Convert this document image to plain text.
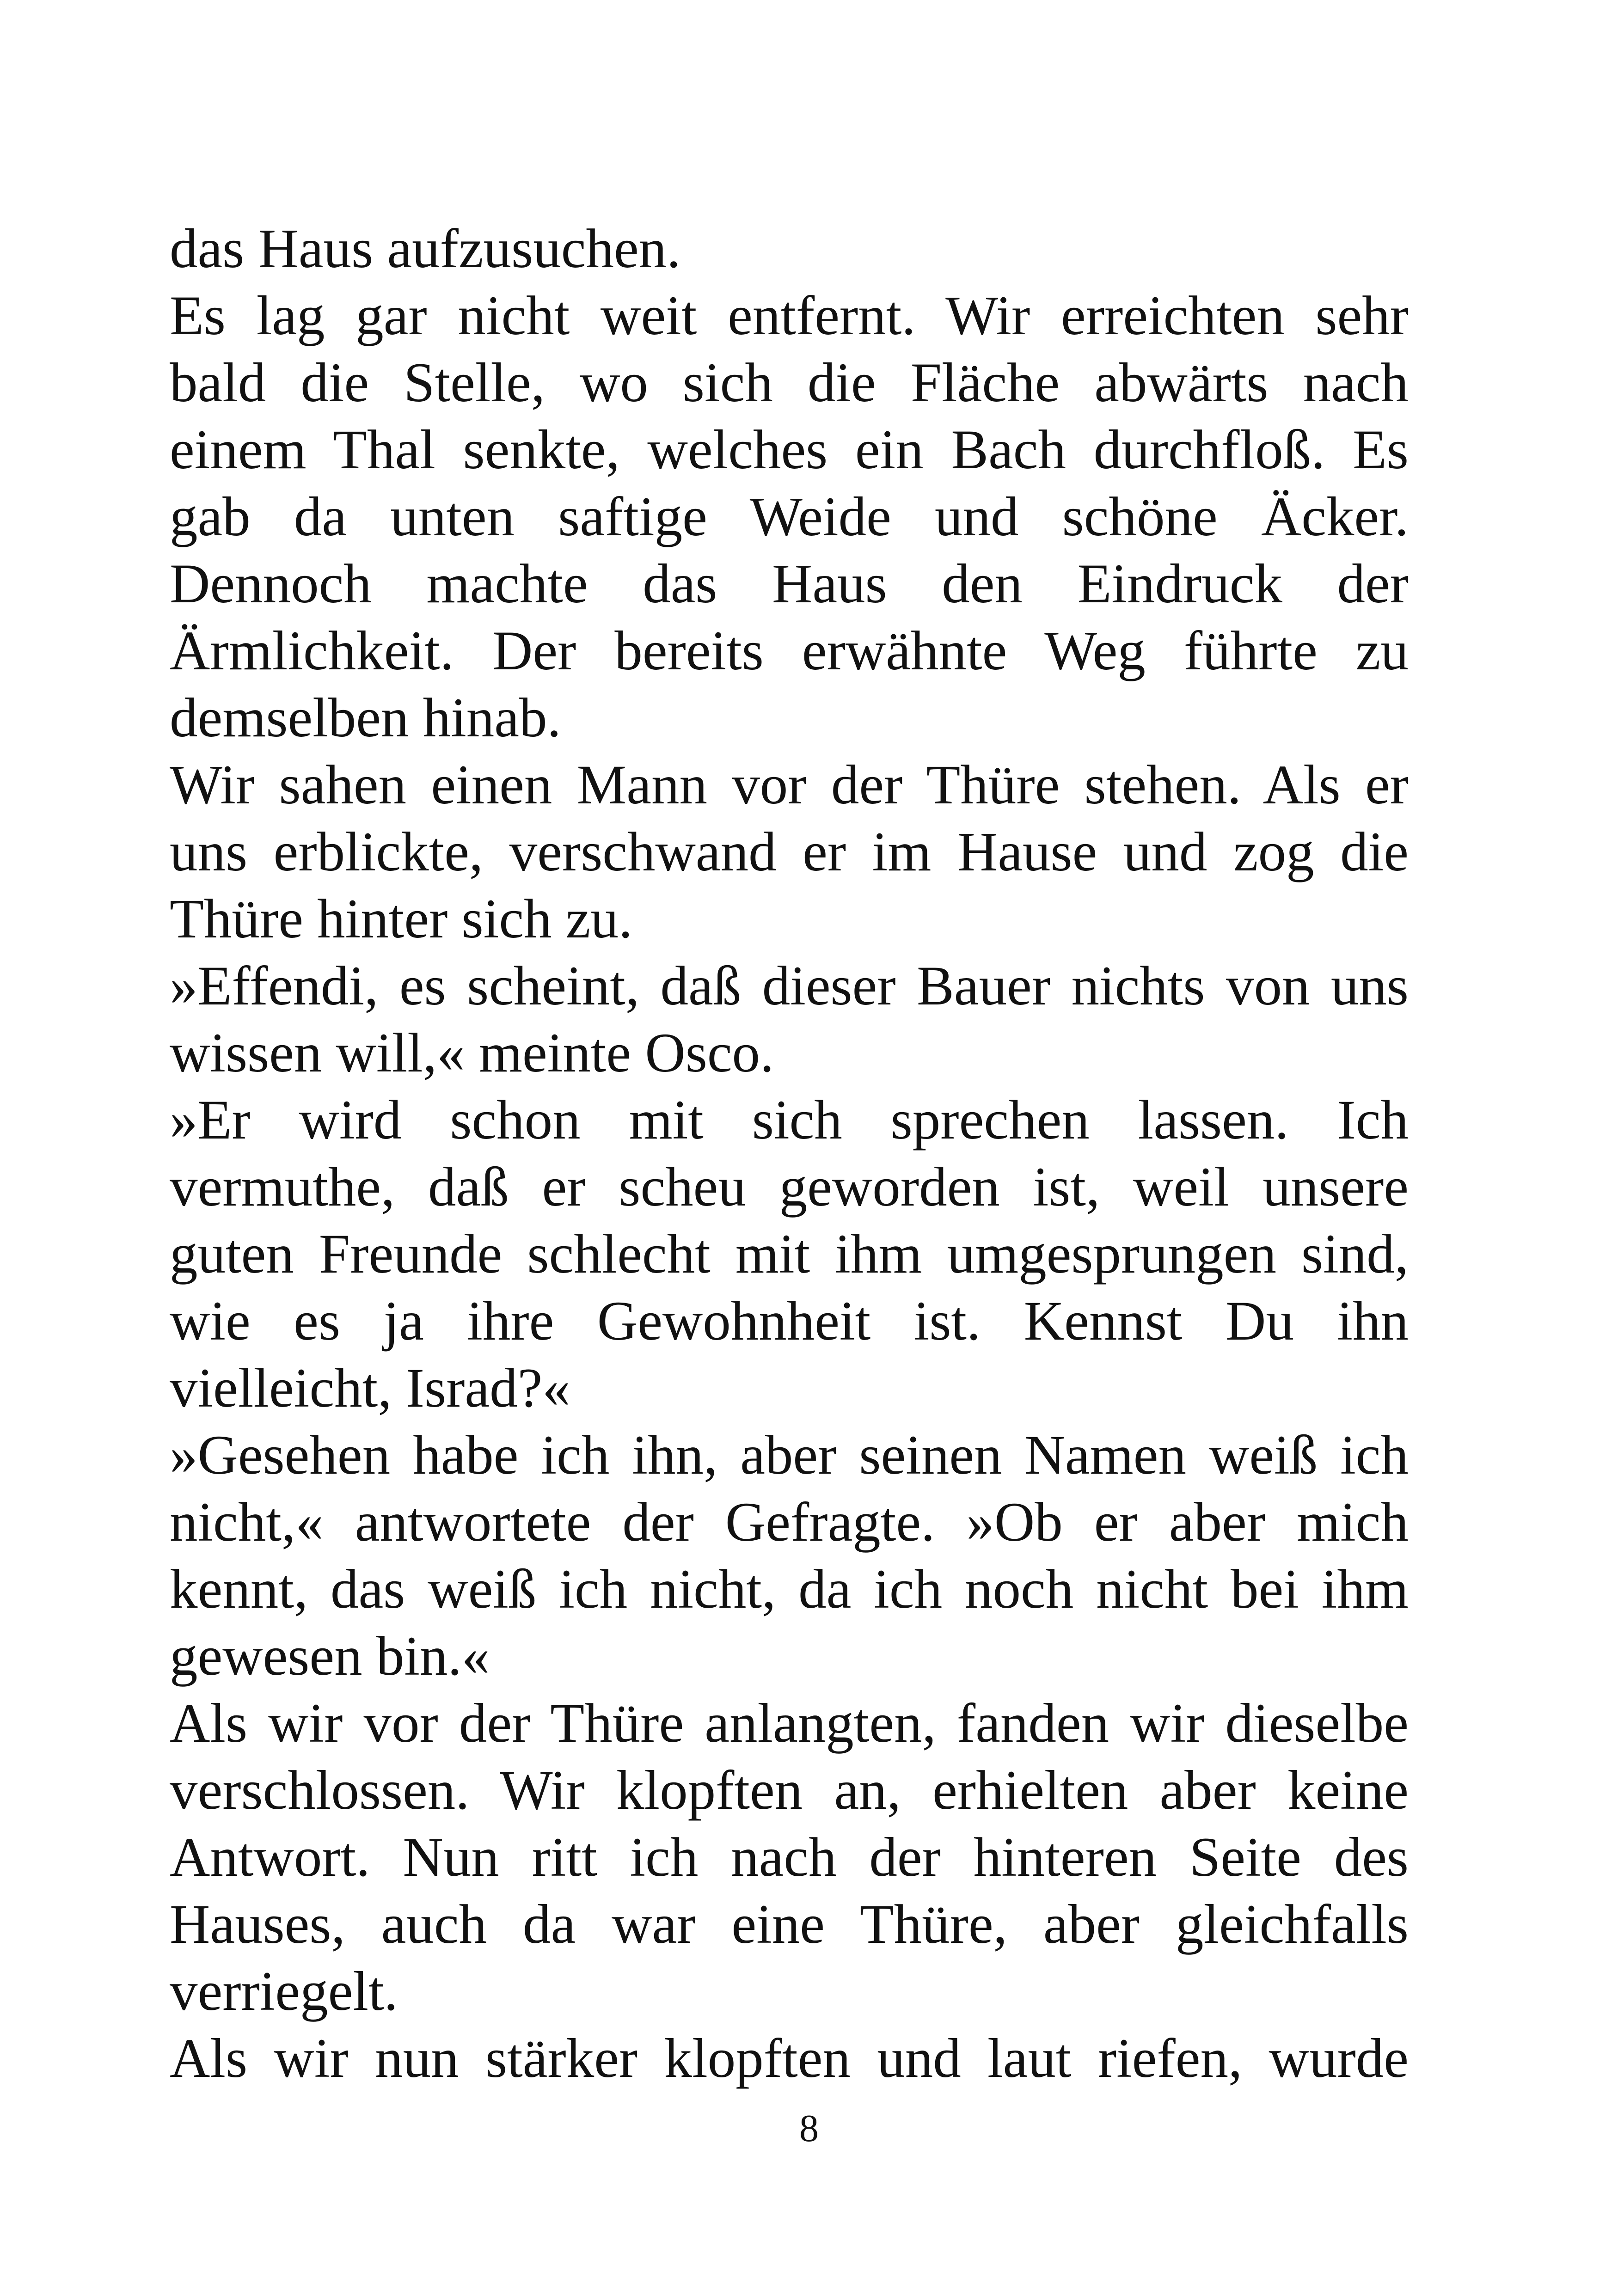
das Haus aufzusuchen.
Es lag gar nicht weit entfernt. Wir erreichten sehr
bald die Stelle, wo sich die Fläche abwärts nach
einem Thal senkte, welches ein Bach durchfloß. Es
gab da unten saftige Weide und schöne Äcker.
Dennoch machte das Haus den Eindruck der
Ärmlichkeit. Der bereits erwähnte Weg führte zu
demselben hinab.
Wir sahen einen Mann vor der Thüre stehen. Als er
uns erblickte, verschwand er im Hause und zog die
Thüre hinter sich zu.
»Effendi, es scheint, daß dieser Bauer nichts von uns
wissen will,« meinte Osco.
»Er wird schon mit sich sprechen lassen. Ich
vermuthe, daß er scheu geworden ist, weil unsere
guten Freunde schlecht mit ihm umgesprungen sind,
wie es ja ihre Gewohnheit ist. Kennst Du ihn
vielleicht, Israd?«
»Gesehen habe ich ihn, aber seinen Namen weiß ich
nicht,« antwortete der Gefragte. »Ob er aber mich
kennt, das weiß ich nicht, da ich noch nicht bei ihm
gewesen bin.«
Als wir vor der Thüre anlangten, fanden wir dieselbe
verschlossen. Wir klopften an, erhielten aber keine
Antwort. Nun ritt ich nach der hinteren Seite des
Hauses, auch da war eine Thüre, aber gleichfalls
verriegelt.
Als wir nun stärker klopften und laut riefen, wurde
8
